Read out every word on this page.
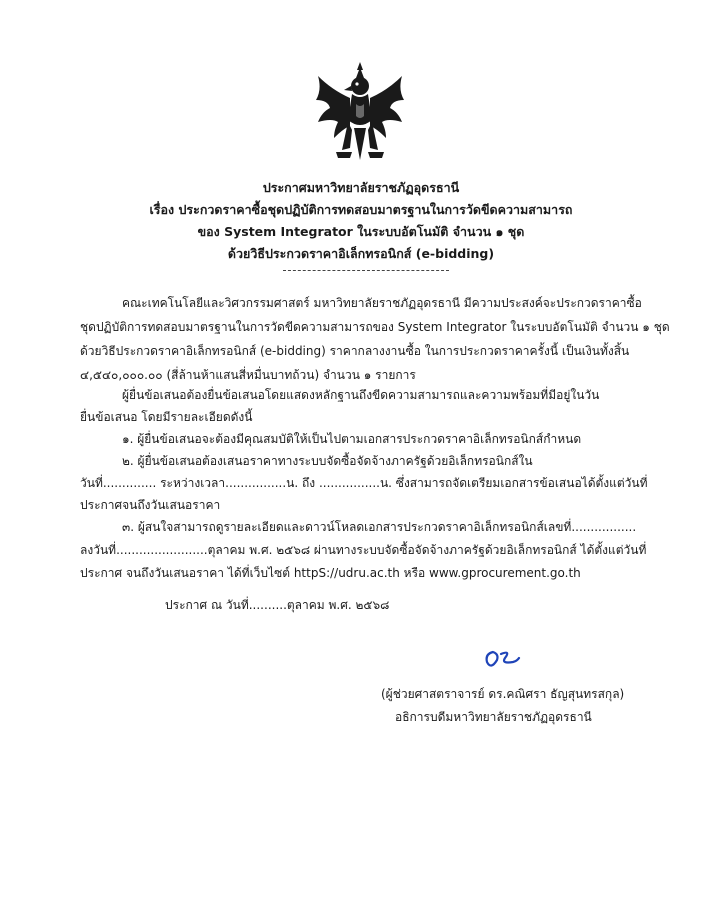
ประกาศมหาวิทยาลัยราชภัฏอุดรธานี
เรื่อง ประกวดราคาซื้อชุดปฏิบัติการทดสอบมาตรฐานในการวัดขีดความสามารถ
ของ System Integrator ในระบบอัตโนมัติ จำนวน ๑ ชุด
ด้วยวิธีประกวดราคาอิเล็กทรอนิกส์ (e-bidding)
คณะเทคโนโลยีและวิศวกรรมศาสตร์ มหาวิทยาลัยราชภัฏอุดรธานี มีความประสงค์จะประกวดราคาซื้อ
ชุดปฏิบัติการทดสอบมาตรฐานในการวัดขีดความสามารถของ System Integrator ในระบบอัตโนมัติ จำนวน ๑ ชุด
ด้วยวิธีประกวดราคาอิเล็กทรอนิกส์ (e-bidding) ราคากลางงานซื้อ ในการประกวดราคาครั้งนี้ เป็นเงินทั้งสิ้น
๔,๕๔๐,๐๐๐.๐๐ (สี่ล้านห้าแสนสี่หมื่นบาทถ้วน) จำนวน ๑ รายการ
ผู้ยื่นข้อเสนอต้องยื่นข้อเสนอโดยแสดงหลักฐานถึงขีดความสามารถและความพร้อมที่มีอยู่ในวัน
ยื่นข้อเสนอ โดยมีรายละเอียดดังนี้
๑. ผู้ยื่นข้อเสนอจะต้องมีคุณสมบัติให้เป็นไปตามเอกสารประกวดราคาอิเล็กทรอนิกส์กำหนด
๒. ผู้ยื่นข้อเสนอต้องเสนอราคาทางระบบจัดซื้อจัดจ้างภาครัฐด้วยอิเล็กทรอนิกส์ใน
วันที่.............. ระหว่างเวลา................น. ถึง ................น. ซึ่งสามารถจัดเตรียมเอกสารข้อเสนอได้ตั้งแต่วันที่
ประกาศจนถึงวันเสนอราคา
๓. ผู้สนใจสามารถดูรายละเอียดและดาวน์โหลดเอกสารประกวดราคาอิเล็กทรอนิกส์เลขที่.................
ลงวันที่........................ตุลาคม พ.ศ. ๒๕๖๘ ผ่านทางระบบจัดซื้อจัดจ้างภาครัฐด้วยอิเล็กทรอนิกส์ ได้ตั้งแต่วันที่
ประกาศ จนถึงวันเสนอราคา ได้ที่เว็บไซต์ httpS://udru.ac.th หรือ www.gprocurement.go.th
ประกาศ ณ วันที่..........ตุลาคม พ.ศ. ๒๕๖๘
(ผู้ช่วยศาสตราจารย์ ดร.คณิศรา ธัญสุนทรสกุล)
อธิการบดีมหาวิทยาลัยราชภัฏอุดรธานี
